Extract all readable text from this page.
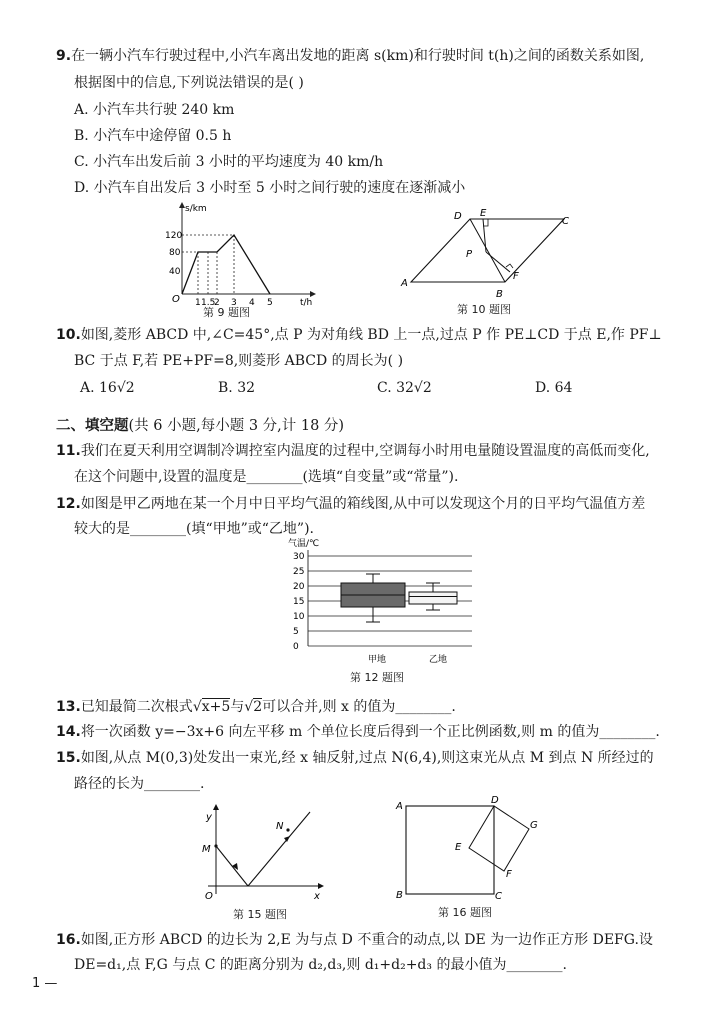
9.在一辆小汽车行驶过程中,小汽车离出发地的距离 s(km)和行驶时间 t(h)之间的函数关系如图,
根据图中的信息,下列说法错误的是( )
A. 小汽车共行驶 240 km
B. 小汽车中途停留 0.5 h
C. 小汽车出发后前 3 小时的平均速度为 40 km/h
D. 小汽车自出发后 3 小时至 5 小时之间行驶的速度在逐渐减小
s/km
t/h
O
120
80
40
1 1.5
2 3 4 5
第 9 题图
D E
C
A
B
F
P
第 10 题图
10.如图,菱形 ABCD 中,∠C=45°,点 P 为对角线 BD 上一点,过点 P 作 PE⊥CD 于点 E,作 PF⊥
BC 于点 F,若 PE+PF=8,则菱形 ABCD 的周长为( )
A. 16√2	B. 32	C. 32√2	D. 64
二、填空题(共 6 小题,每小题 3 分,计 18 分)
11.我们在夏天利用空调制冷调控室内温度的过程中,空调每小时用电量随设置温度的高低而变化,
在这个问题中,设置的温度是________(选填“自变量”或“常量”).
12.如图是甲乙两地在某一个月中日平均气温的箱线图,从中可以发现这个月的日平均气温值方差
较大的是________(填“甲地”或“乙地”).
气温/℃
30
25
20
15
10
5
0
甲地	乙地
第 12 题图
13.已知最简二次根式√x+5与√2可以合并,则 x 的值为________.
14.将一次函数 y=−3x+6 向左平移 m 个单位长度后得到一个正比例函数,则 m 的值为________.
15.如图,从点 M(0,3)处发出一束光,经 x 轴反射,过点 N(6,4),则这束光从点 M 到点 N 所经过的
路径的长为________.
y
x
O
M
N
第 15 题图
A
B	C
D
E
F
G
第 16 题图
16.如图,正方形 ABCD 的边长为 2,E 为与点 D 不重合的动点,以 DE 为一边作正方形 DEFG.设
DE=d₁,点 F,G 与点 C 的距离分别为 d₂,d₃,则 d₁+d₂+d₃ 的最小值为________.
1 —
